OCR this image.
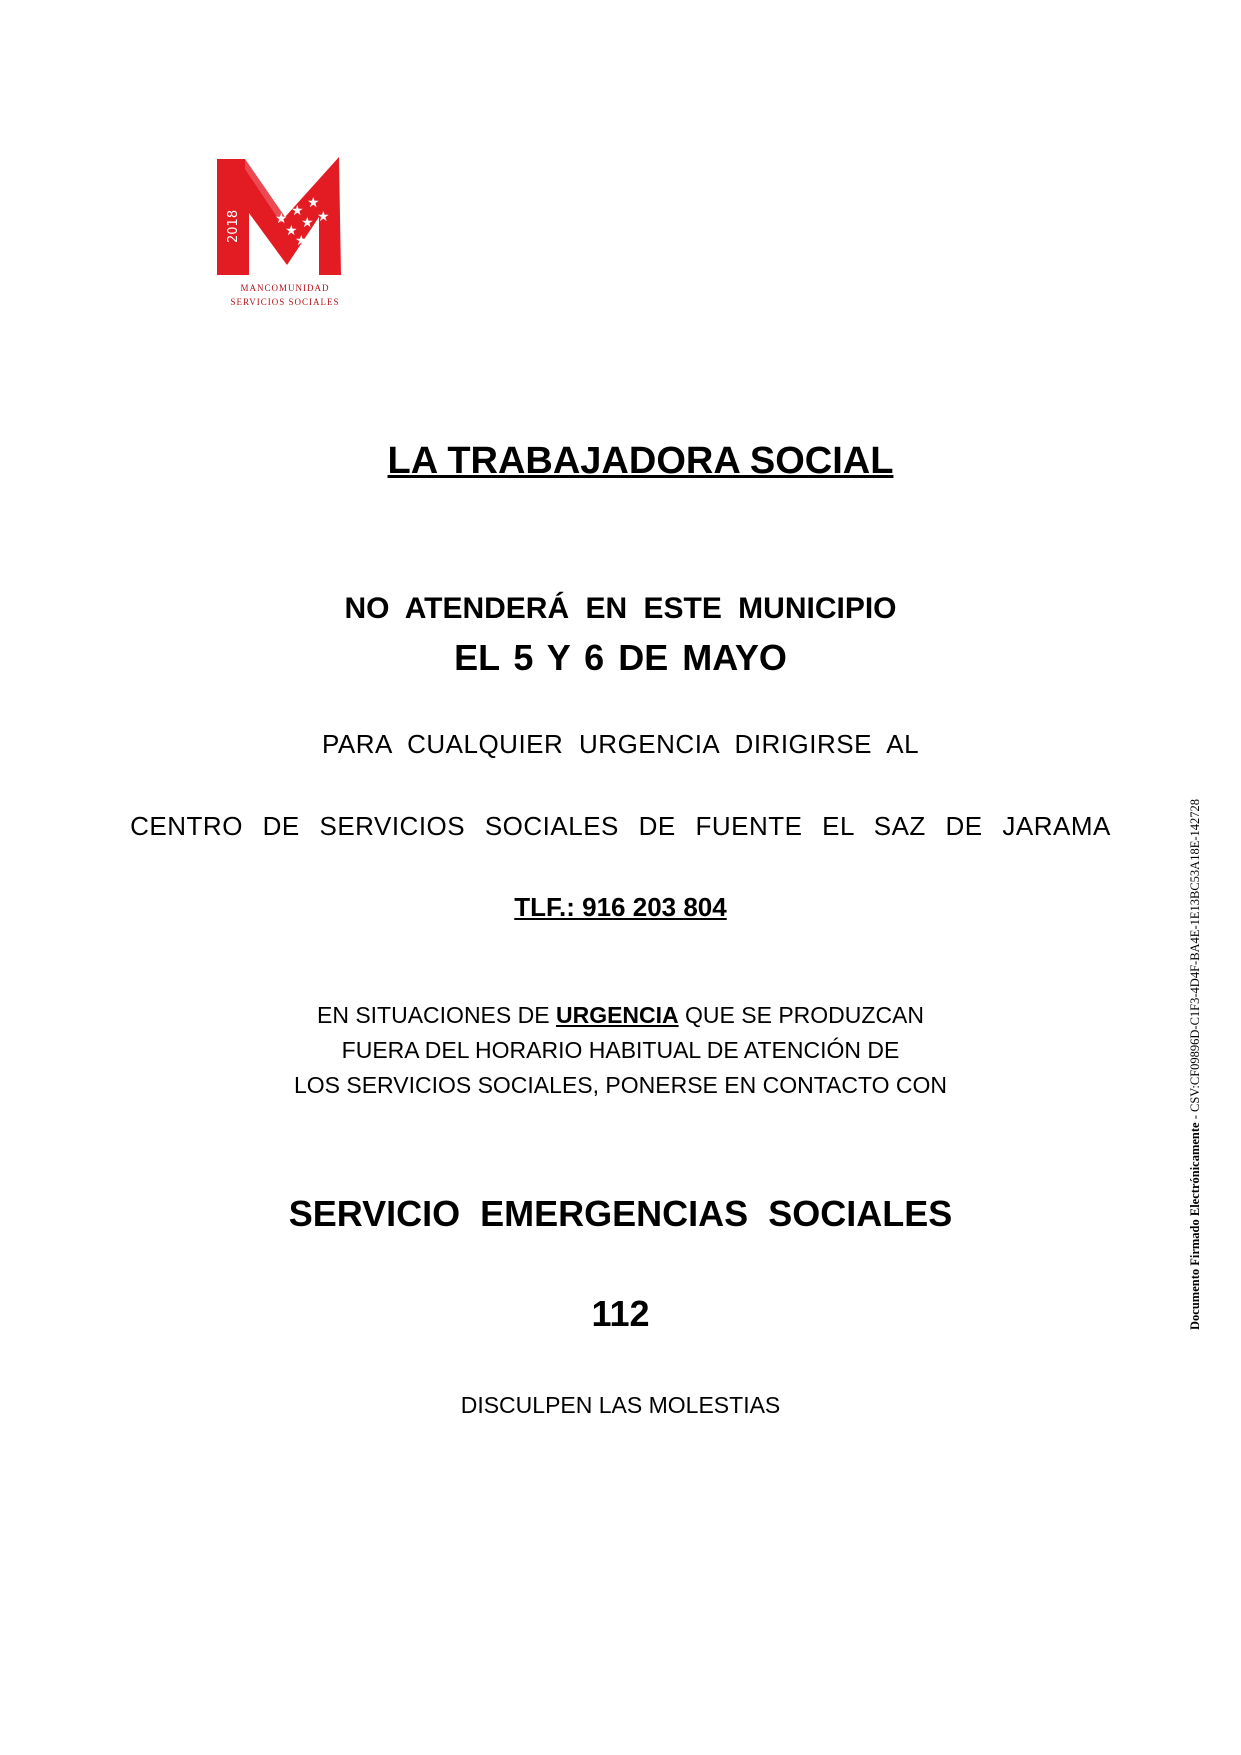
★ ★ ★
★ ★
★
★
2018
MANCOMUNIDAD
SERVICIOS SOCIALES
LA TRABAJADORA SOCIAL
NO ATENDERÁ EN ESTE MUNICIPIO
EL 5 Y 6 DE MAYO
PARA CUALQUIER URGENCIA DIRIGIRSE AL
CENTRO DE SERVICIOS SOCIALES DE FUENTE EL SAZ DE JARAMA
TLF.: 916 203 804
EN SITUACIONES DE URGENCIA QUE SE PRODUZCAN
FUERA DEL HORARIO HABITUAL DE ATENCIÓN DE
LOS SERVICIOS SOCIALES, PONERSE EN CONTACTO CON
SERVICIO EMERGENCIAS SOCIALES
112
DISCULPEN LAS MOLESTIAS
Documento Firmado Electrónicamente - CSV:CF09896D-C1F3-4D4F-BA4E-1E13BC53A18E-142728
